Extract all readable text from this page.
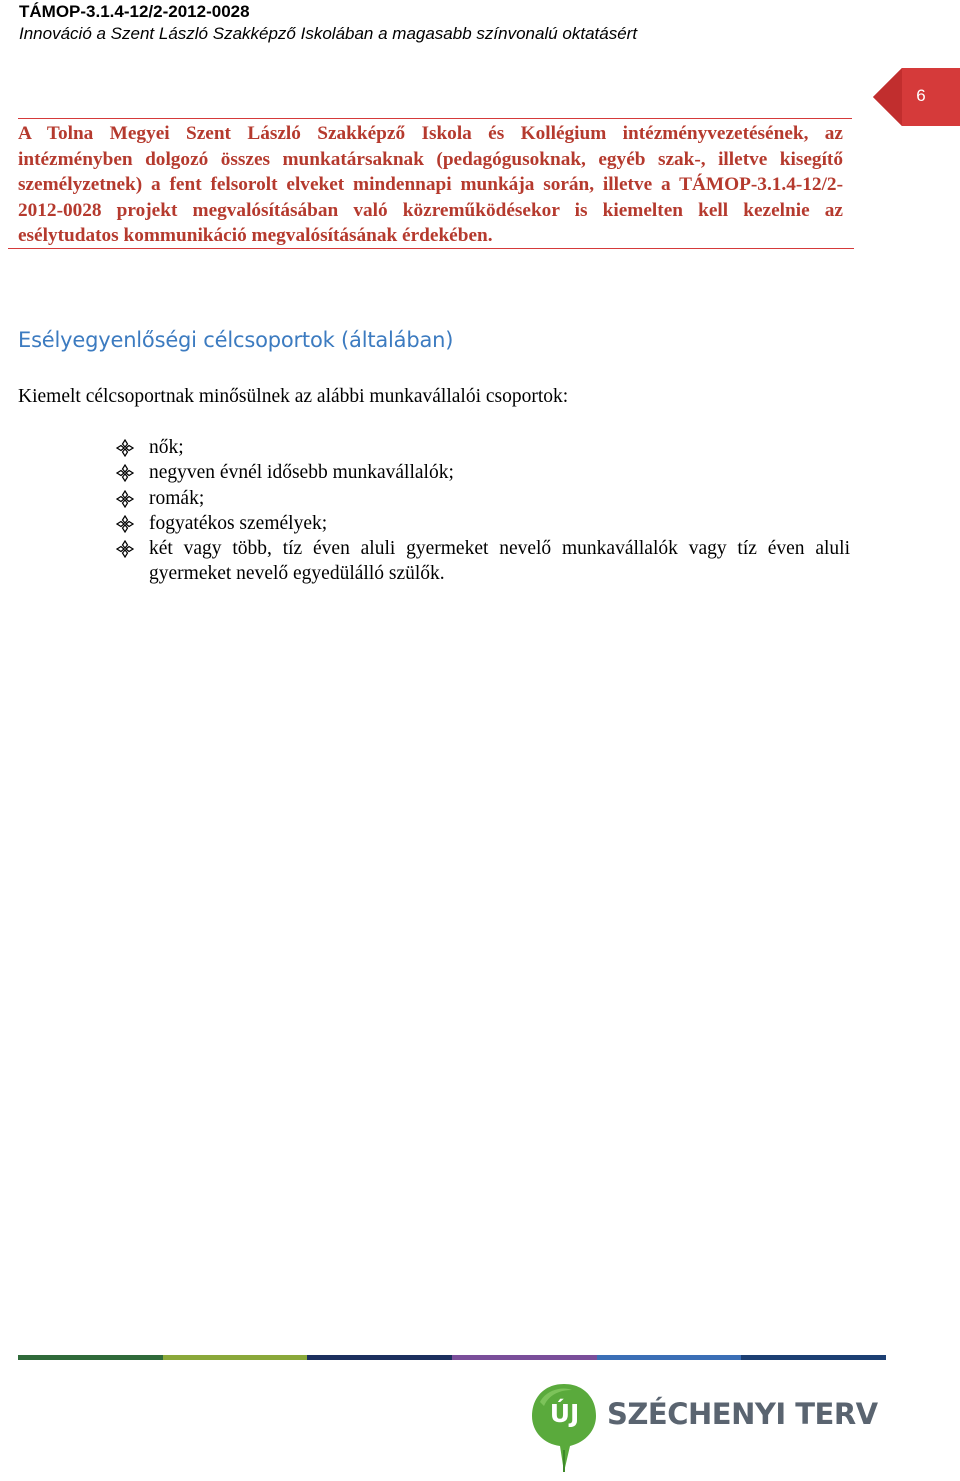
TÁMOP-3.1.4-12/2-2012-0028
Innováció a Szent László Szakképző Iskolában a magasabb színvonalú oktatásért
6

A Tolna Megyei Szent László Szakképző Iskola és Kollégium intézményvezetésének, az intézményben dolgozó összes munkatársaknak (pedagógusoknak, egyéb szak-, illetve kisegítő személyzetnek) a fent felsorolt elveket mindennapi munkája során, illetve a TÁMOP-3.1.4-12/2-2012-0028 projekt megvalósításában való közreműködésekor is kiemelten kell kezelnie az esélytudatos kommunikáció megvalósításának érdekében.

Esélyegyenlőségi célcsoportok (általában)

Kiemelt célcsoportnak minősülnek az alábbi munkavállalói csoportok:

nők;
negyven évnél idősebb munkavállalók;
romák;
fogyatékos személyek;
két vagy több, tíz éven aluli gyermeket nevelő munkavállalók vagy tíz éven aluli gyermeket nevelő egyedülálló szülők.
ÚJ SZÉCHENYI TERV
